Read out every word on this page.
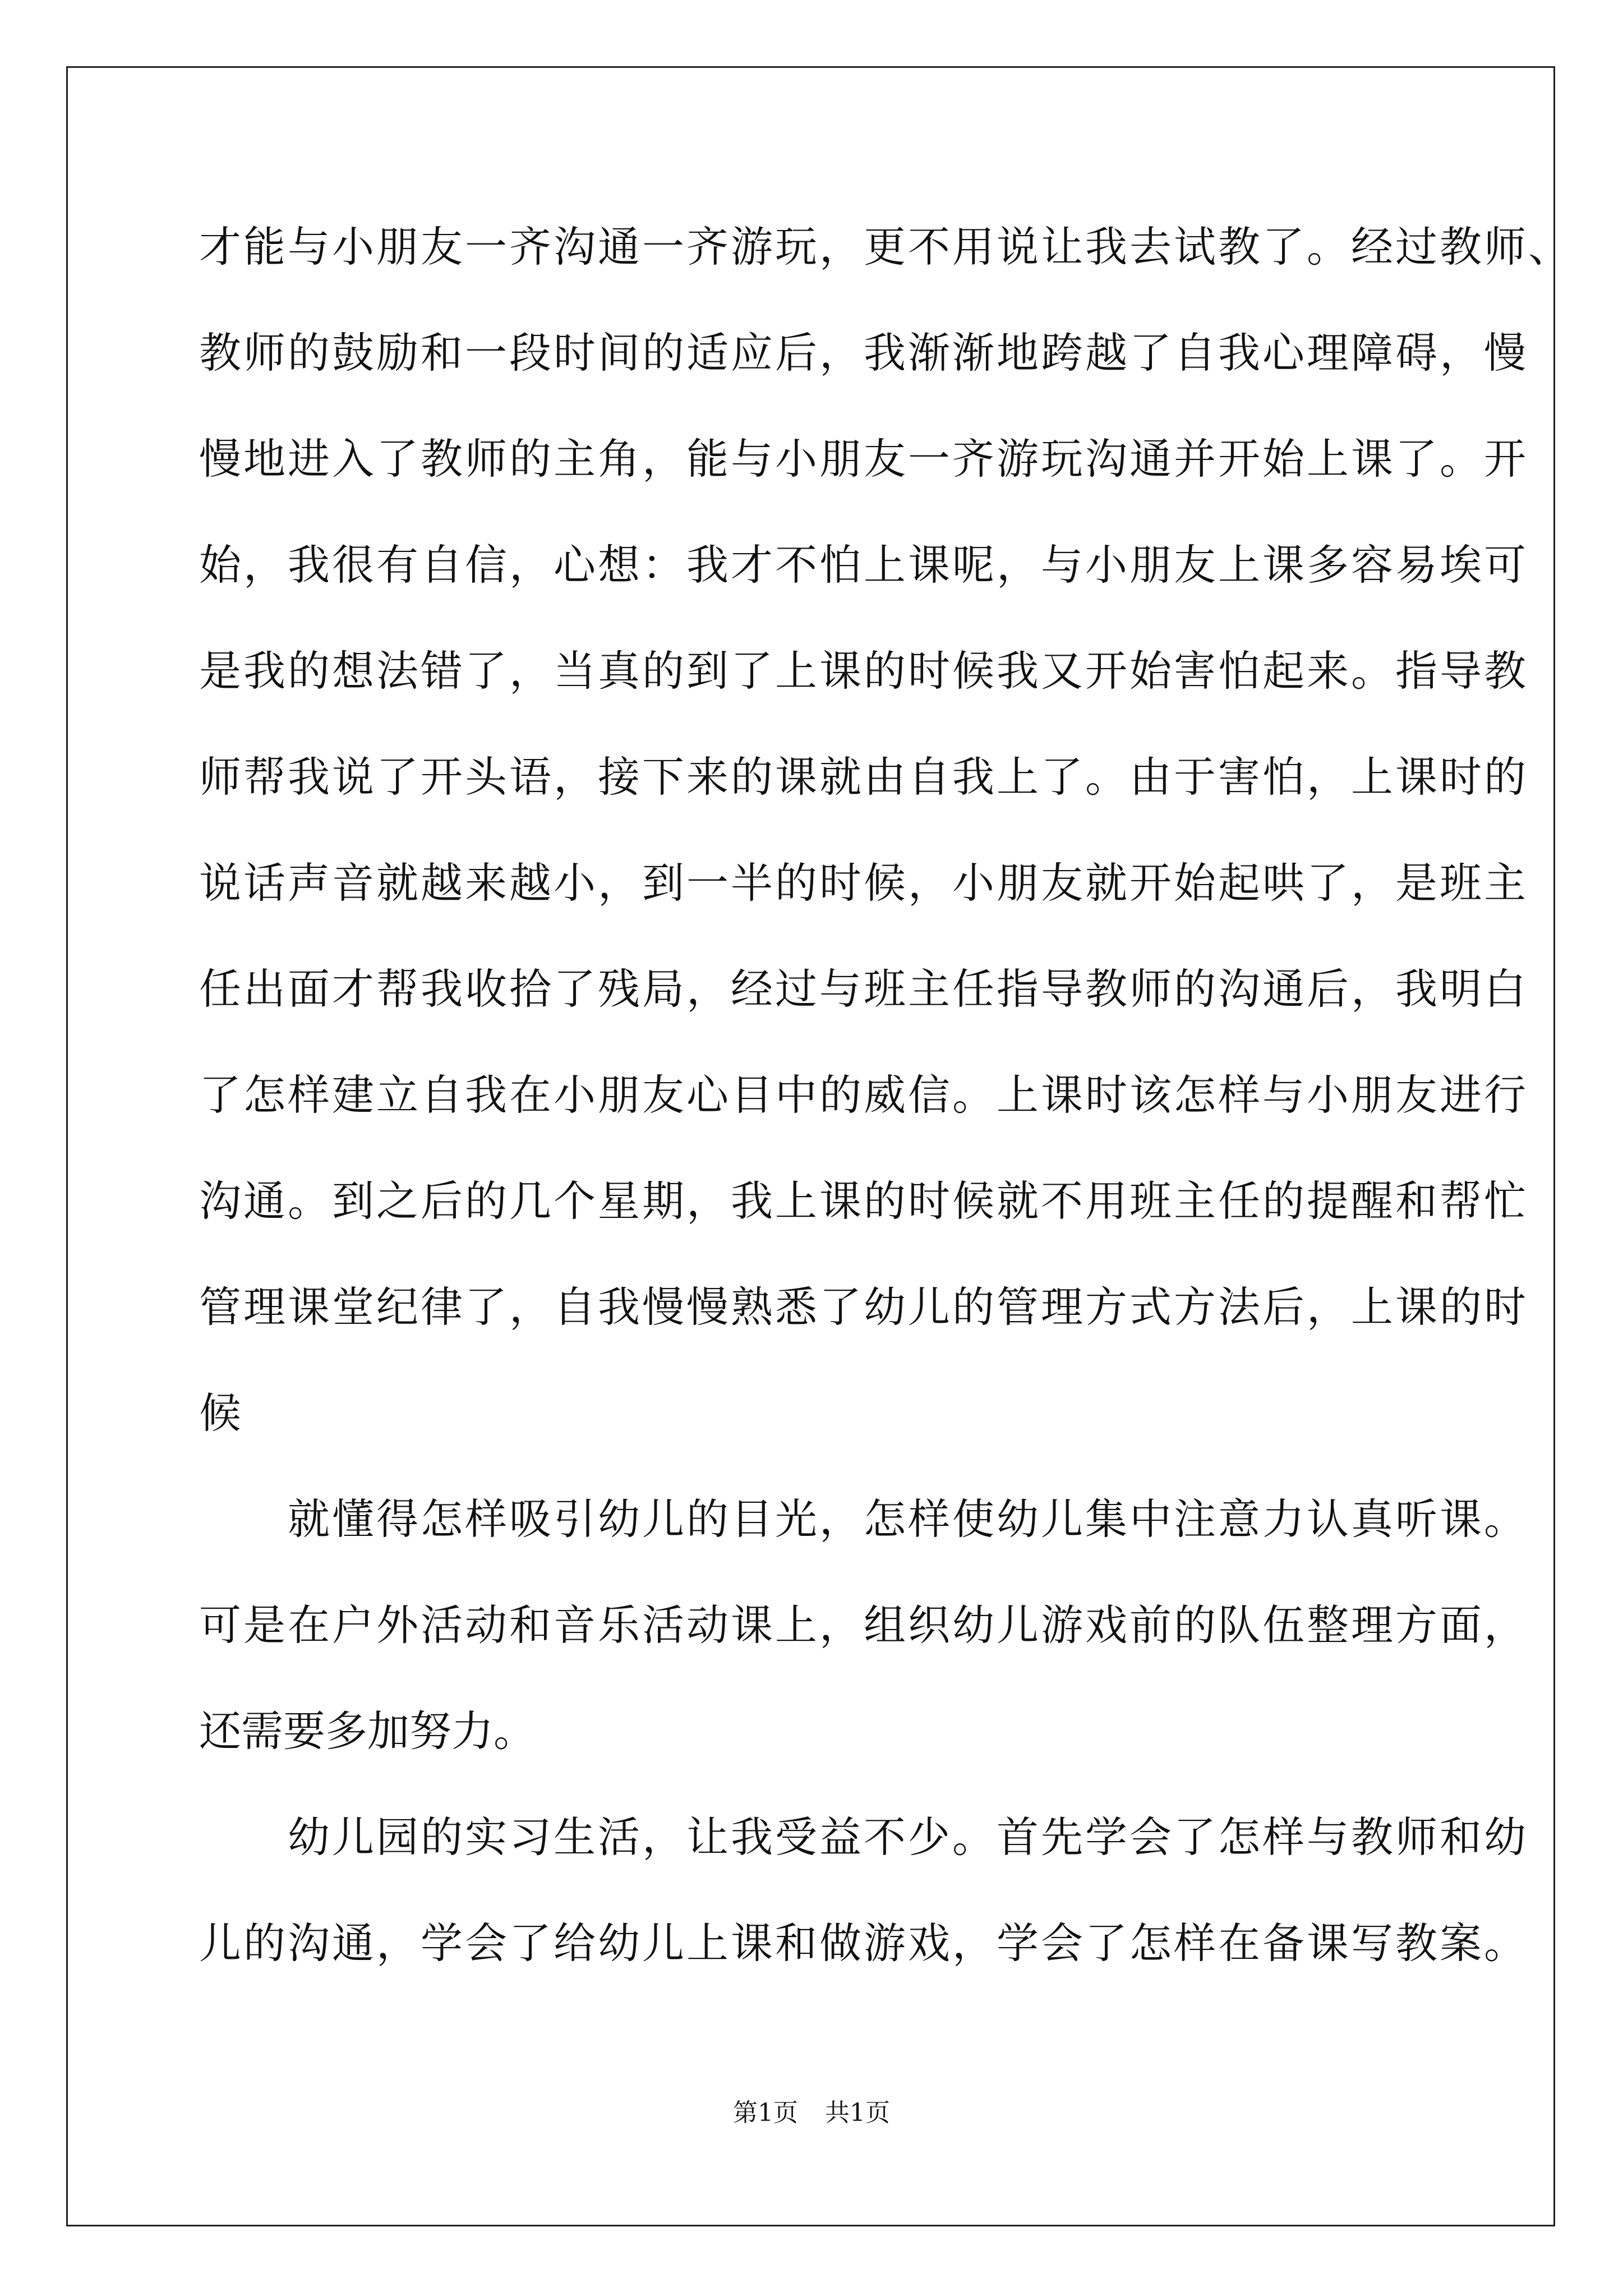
才能与小朋友一齐沟通一齐游玩，更不用说让我去试教了。经过教师、
教师的鼓励和一段时间的适应后，我渐渐地跨越了自我心理障碍，慢
慢地进入了教师的主角，能与小朋友一齐游玩沟通并开始上课了。开
始，我很有自信，心想：我才不怕上课呢，与小朋友上课多容易埃可
是我的想法错了，当真的到了上课的时候我又开始害怕起来。指导教
师帮我说了开头语，接下来的课就由自我上了。由于害怕，上课时的
说话声音就越来越小，到一半的时候，小朋友就开始起哄了，是班主
任出面才帮我收拾了残局，经过与班主任指导教师的沟通后，我明白
了怎样建立自我在小朋友心目中的威信。上课时该怎样与小朋友进行
沟通。到之后的几个星期，我上课的时候就不用班主任的提醒和帮忙
管理课堂纪律了，自我慢慢熟悉了幼儿的管理方式方法后，上课的时
候
　　就懂得怎样吸引幼儿的目光，怎样使幼儿集中注意力认真听课。
可是在户外活动和音乐活动课上，组织幼儿游戏前的队伍整理方面，
还需要多加努力。
　　幼儿园的实习生活，让我受益不少。首先学会了怎样与教师和幼
儿的沟通，学会了给幼儿上课和做游戏，学会了怎样在备课写教案。
第1页 共1页
